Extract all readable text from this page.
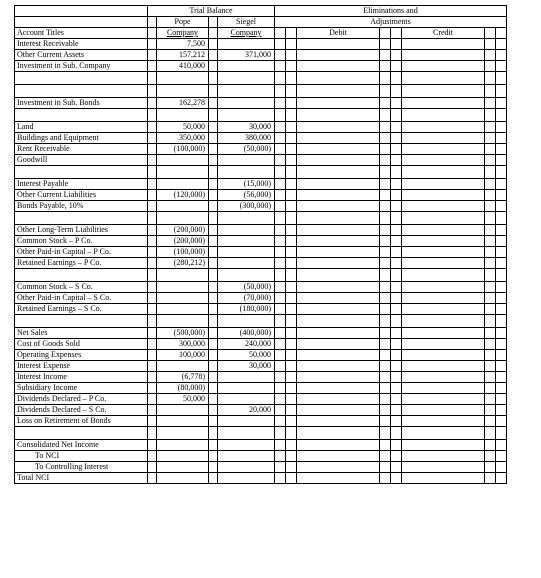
	Trial Balance				Eliminations and							
		Pope		Siegel	Adjustments							
Account Titles		Company		Company			Debit			Credit		
Interest Receivable		7,500										
Other Current Assets		157,212		371,000								
Investment in Sub. Company		410,000										

Investment in Sub. Bonds		162,278										

Land		50,000		30,000								
Buildings and Equipment		350,000		380,000								
Rent Receivable		(100,000)		(50,000)								
Goodwill												

Interest Payable				(15,000)								
Other Current Liabilities		(120,000)		(56,000)								
Bonds Payable, 10%				(300,000)								

Other Long-Term Liabilities		(200,000)										
Common Stock – P Co.		(200,000)										
Other Paid-in Capital – P Co.		(100,000)										
Retained Earnings – P Co.		(280,212)										

Common Stock – S Co.				(50,000)								
Other Paid-in Capital – S Co.				(70,000)								
Retained Earnings – S Co.				(180,000)								

Net Sales		(500,000)		(400,000)								
Cost of Goods Sold		300,000		240,000								
Operating Expenses		100,000		50,000								
Interest Expense				30,000								
Interest Income		(6,778)										
Subsidiary Income		(80,000)										
Dividends Declared – P Co.		50,000										
Dividends Declared – S Co.				20,000								
Loss on Retirement of Bonds												

Consolidated Net Income												
To NCI												
To Controlling Interest												
Total NCI												
